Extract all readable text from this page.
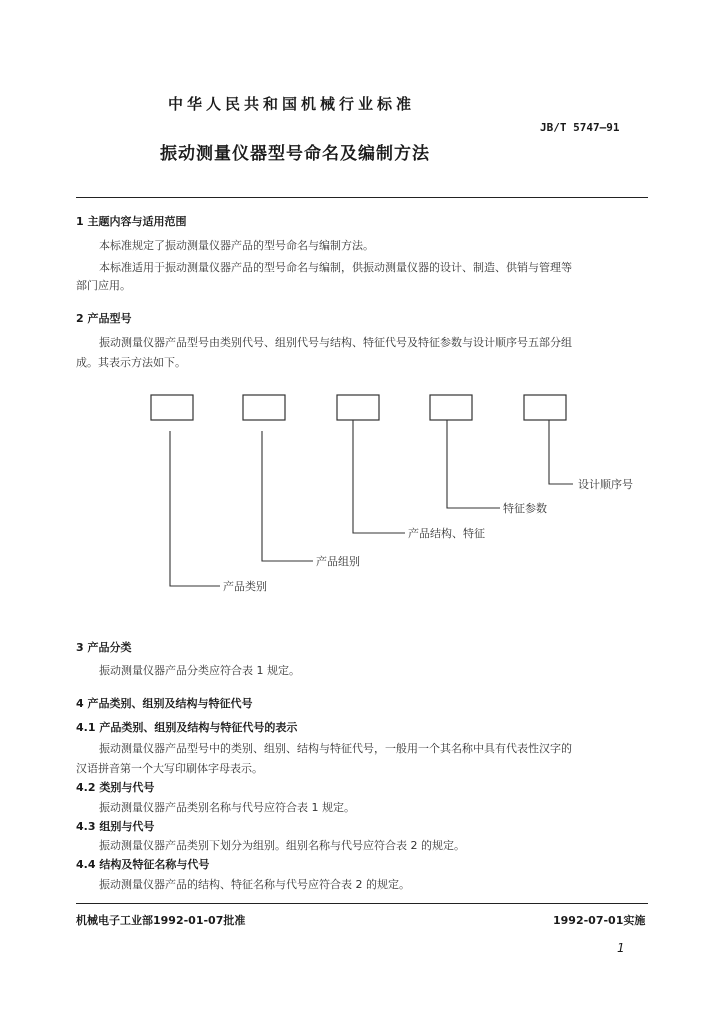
中华人民共和国机械行业标准
JB/T 5747—91
振动测量仪器型号命名及编制方法
1 主题内容与适用范围
本标准规定了振动测量仪器产品的型号命名与编制方法。
本标准适用于振动测量仪器产品的型号命名与编制，供振动测量仪器的设计、制造、供销与管理等
部门应用。
2 产品型号
振动测量仪器产品型号由类别代号、组别代号与结构、特征代号及特征参数与设计顺序号五部分组
成。其表示方法如下。
设计顺序号
特征参数
产品结构、特征
产品组别
产品类别
3 产品分类
振动测量仪器产品分类应符合表 1 规定。
4 产品类别、组别及结构与特征代号
4.1 产品类别、组别及结构与特征代号的表示
振动测量仪器产品型号中的类别、组别、结构与特征代号，一般用一个其名称中具有代表性汉字的
汉语拼音第一个大写印刷体字母表示。
4.2 类别与代号
振动测量仪器产品类别名称与代号应符合表 1 规定。
4.3 组别与代号
振动测量仪器产品类别下划分为组别。组别名称与代号应符合表 2 的规定。
4.4 结构及特征名称与代号
振动测量仪器产品的结构、特征名称与代号应符合表 2 的规定。
机械电子工业部1992-01-07批准	1992-07-01实施
1
